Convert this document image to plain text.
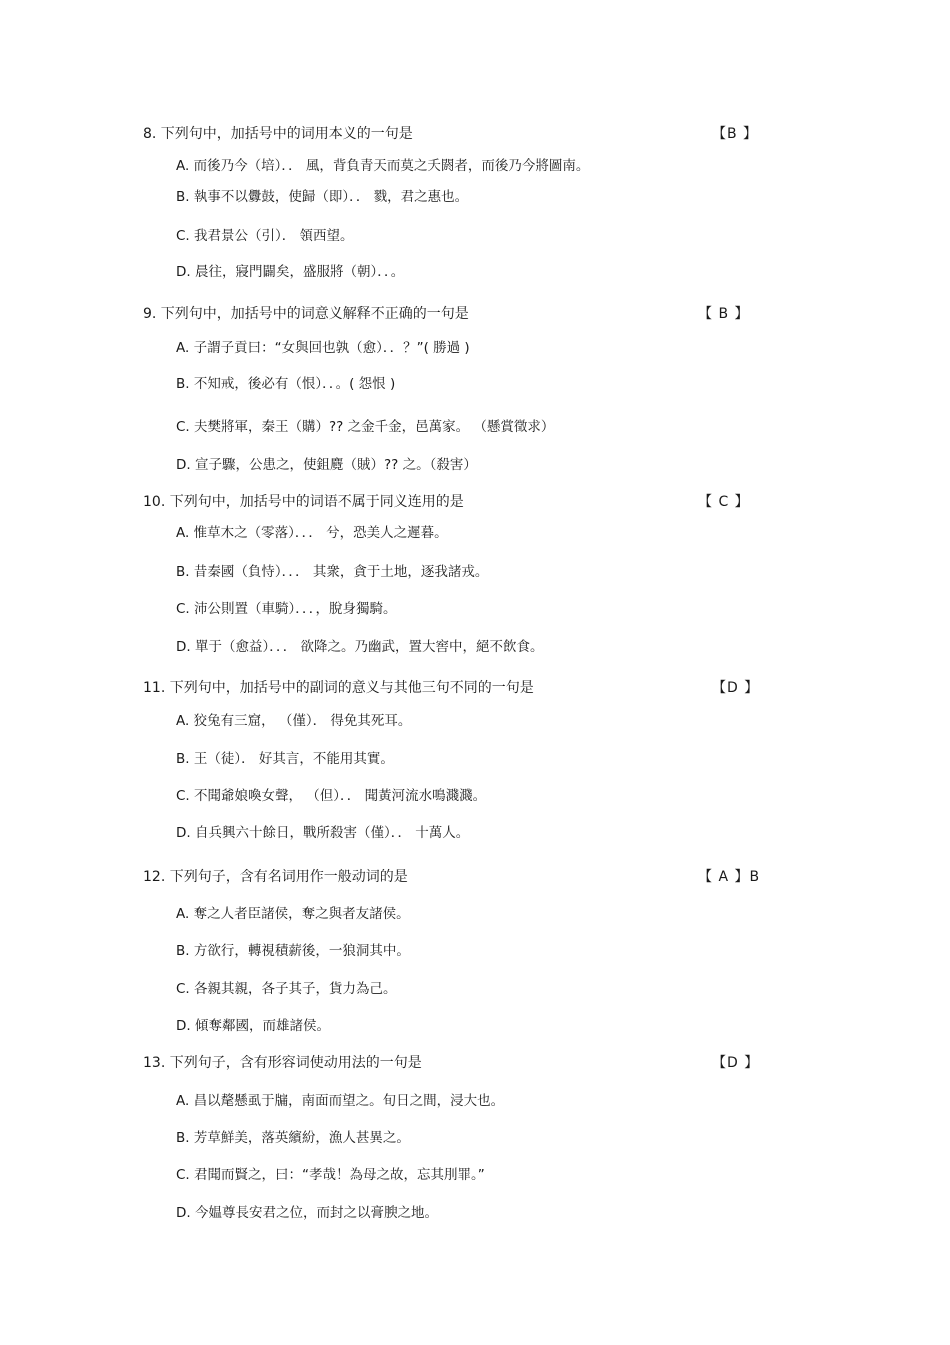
8. 下列句中，加括号中的词用本义的一句是	【B 】
A. 而後乃今（培）．． 風，背負青天而莫之夭閼者，而後乃今將圖南。
B. 執事不以釁鼓，使歸（即）．． 戮，君之惠也。
C. 我君景公（引）． 領西望。
D. 晨往，寢門闢矣，盛服將（朝）．．。
9. 下列句中，加括号中的词意义解释不正确的一句是	【 B 】
A. 子謂子貢曰：“女與回也孰（愈）．．？”( 勝過 )
B. 不知戒，後必有（恨）．．。( 怨恨 )
C. 夫樊將軍，秦王（購）?? 之金千金，邑萬家。 （懸賞徵求）
D. 宣子驟，公患之，使鉏麑（賊）?? 之。（殺害）
10. 下列句中，加括号中的词语不属于同义连用的是	【 C 】
A. 惟草木之（零落）．．． 兮，恐美人之遲暮。
B. 昔秦國（負恃）．．． 其衆，貪于土地，逐我諸戎。
C. 沛公則置（車騎）．．．，脫身獨騎。
D. 單于（愈益）．．． 欲降之。乃幽武，置大窖中，絕不飲食。
11. 下列句中，加括号中的副词的意义与其他三句不同的一句是	【D 】
A. 狡兔有三窟， （僅）． 得免其死耳。
B. 王（徒）． 好其言，不能用其實。
C. 不聞爺娘喚女聲， （但）．． 聞黃河流水鳴濺濺。
D. 自兵興六十餘日，戰所殺害（僅）．． 十萬人。
12. 下列句子，含有名词用作一般动词的是	【 A 】B
A. 奪之人者臣諸侯，奪之與者友諸侯。
B. 方欲行，轉視積薪後，一狼洞其中。
C. 各親其親，各子其子，貨力為己。
D. 傾奪鄰國，而雄諸侯。
13. 下列句子，含有形容词使动用法的一句是	【D 】
A. 昌以氂懸虱于牖，南面而望之。旬日之間，浸大也。
B. 芳草鮮美，落英繽紛，漁人甚異之。
C. 君聞而賢之，曰：“孝哉！為母之故，忘其刖罪。”
D. 今媪尊長安君之位，而封之以膏腴之地。
